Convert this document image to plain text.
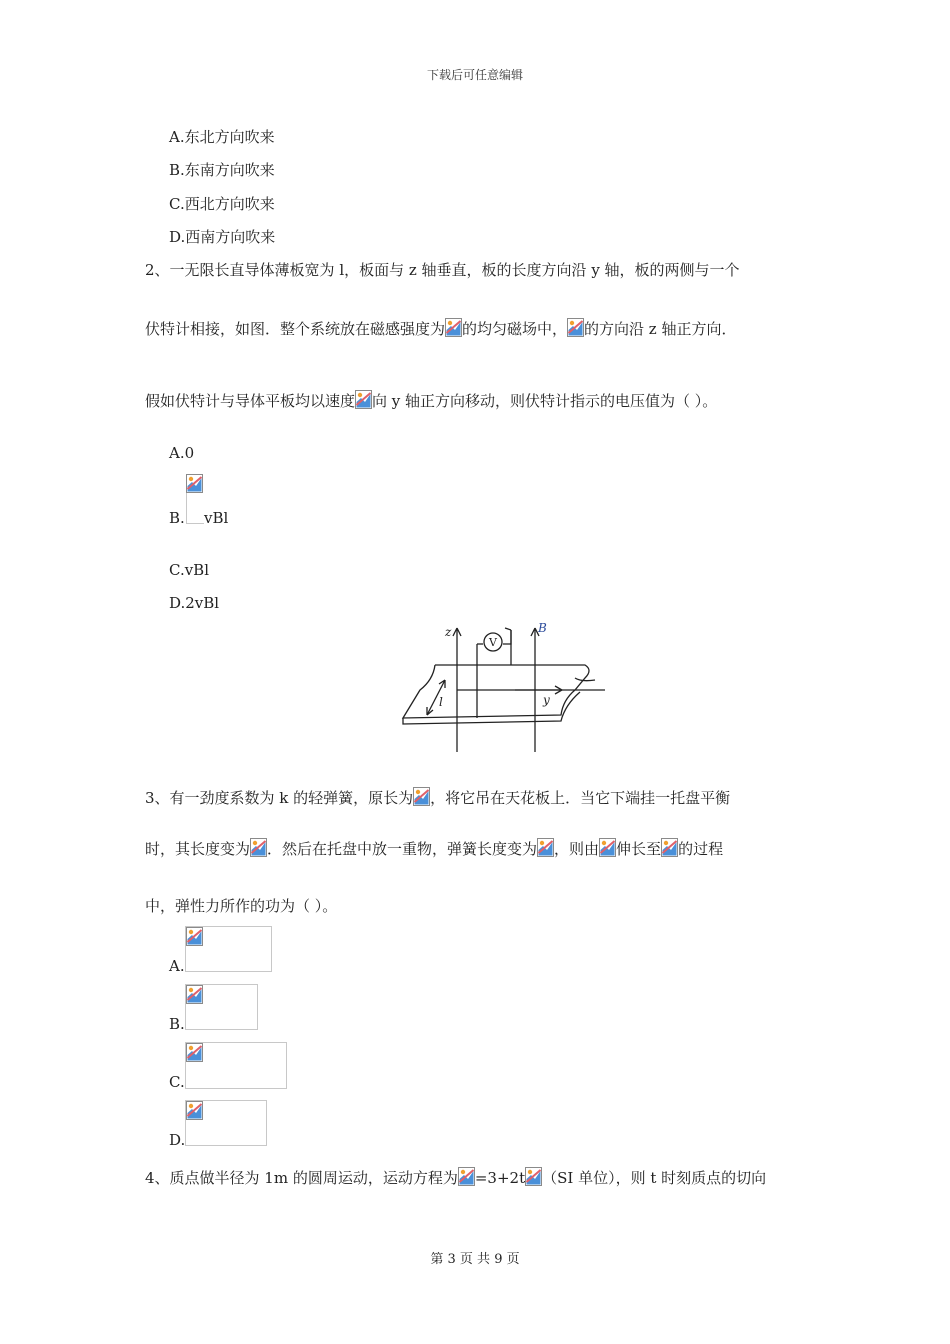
下载后可任意编辑
A.东北方向吹来
B.东南方向吹来
C.西北方向吹来
D.西南方向吹来
2、一无限长直导体薄板宽为 l，板面与 z 轴垂直，板的长度方向沿 y 轴，板的两侧与一个
伏特计相接，如图．整个系统放在磁感强度为 的均匀磁场中， 的方向沿 z 轴正方向．
假如伏特计与导体平板均以速度 向 y 轴正方向移动，则伏特计指示的电压值为（ ）。
A.0
B. vBl
C.vBl
D.2vBl
z
V
B
l	y
3、有一劲度系数为 k 的轻弹簧，原长为 ，将它吊在天花板上．当它下端挂一托盘平衡
时，其长度变为 ．然后在托盘中放一重物，弹簧长度变为 ，则由 伸长至 的过程
中，弹性力所作的功为（ ）。
A.
B.
C.
D.
4、质点做半径为 1m 的圆周运动，运动方程为 =3+2t （SI 单位），则 t 时刻质点的切向
第 3 页 共 9 页
